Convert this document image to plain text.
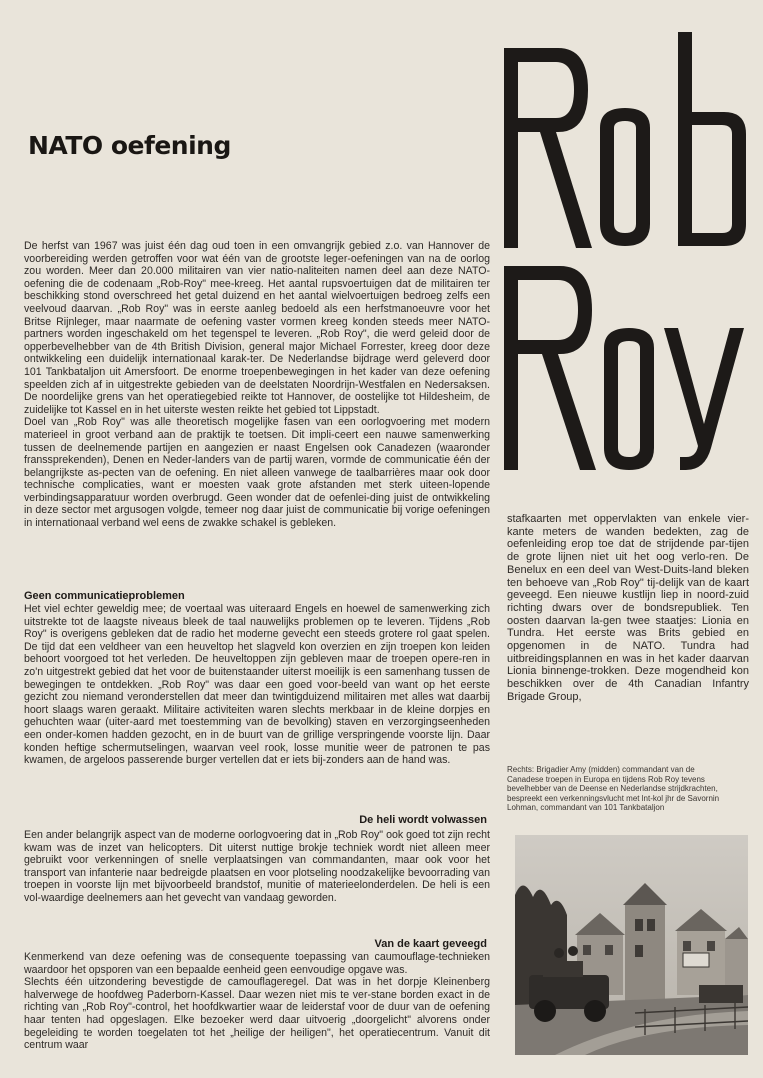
NATO oefening

De herfst van 1967 was juist één dag oud toen in een omvangrijk gebied z.o. van Hannover de voorbereiding werden getroffen voor wat één van de grootste leger-oefeningen van na de oorlog zou worden. Meer dan 20.000 militairen van vier natio-naliteiten namen deel aan deze NATO-oefening die de codenaam „Rob-Roy" mee-kreeg. Het aantal rupsvoertuigen dat de militairen ter beschikking stond overschreed het getal duizend en het aantal wielvoertuigen bedroeg zelfs een veelvoud daarvan. „Rob Roy" was in eerste aanleg bedoeld als een herfstmanoeuvre voor het Britse Rijnleger, maar naarmate de oefening vaster vormen kreeg konden steeds meer NATO-partners worden ingeschakeld om het tegenspel te leveren. „Rob Roy", die werd geleid door de opperbevelhebber van de 4th British Division, general major Michael Forrester, kreeg door deze ontwikkeling een duidelijk internationaal karak-ter. De Nederlandse bijdrage werd geleverd door 101 Tankbataljon uit Amersfoort. De enorme troepenbewegingen in het kader van deze oefening speelden zich af in uitgestrekte gebieden van de deelstaten Noordrijn-Westfalen en Nedersaksen. De noordelijke grens van het operatiegebied reikte tot Hannover, de oostelijke tot Hildesheim, de zuidelijke tot Kassel en in het uiterste westen reikte het gebied tot Lippstadt.

Doel van „Rob Roy" was alle theoretisch mogelijke fasen van een oorlogvoering met modern materieel in groot verband aan de praktijk te toetsen. Dit impli-ceert een nauwe samenwerking tussen de deelnemende partijen en aangezien er naast Engelsen ook Canadezen (waaronder franssprekenden), Denen en Neder-landers van de partij waren, vormde de communicatie één der belangrijkste as-pecten van de oefening. En niet alleen vanwege de taalbarrières maar ook door technische complicaties, want er moesten vaak grote afstanden met sterk uiteen-lopende verbindingsapparatuur worden overbrugd. Geen wonder dat de oefenlei-ding juist de ontwikkeling in deze sector met argusogen volgde, temeer nog daar juist de communicatie bij vorige oefeningen in internationaal verband wel eens de zwakke schakel is gebleken.

Geen communicatieproblemen

Het viel echter geweldig mee; de voertaal was uiteraard Engels en hoewel de samenwerking zich uitstrekte tot de laagste niveaus bleek de taal nauwelijks problemen op te leveren. Tijdens „Rob Roy" is overigens gebleken dat de radio het moderne gevecht een steeds grotere rol gaat spelen. De tijd dat een veldheer van een heuveltop het slagveld kon overzien en zijn troepen kon leiden behoort voorgoed tot het verleden. De heuveltoppen zijn gebleven maar de troepen opere-ren in zo'n uitgestrekt gebied dat het voor de buitenstaander uiterst moeilijk is een samenhang tussen de bewegingen te ontdekken. „Rob Roy" was daar een goed voor-beeld van want op het eerste gezicht zou niemand veronderstellen dat meer dan twintigduizend militairen met alles wat daarbij hoort slaags waren geraakt. Militaire activiteiten waren slechts merkbaar in de kleine dorpjes en gehuchten waar (uiter-aard met toestemming van de bevolking) staven en verzorgingseenheden een onder-komen hadden gezocht, en in de buurt van de grillige verspringende voorste lijn. Daar konden heftige schermutselingen, waarvan veel rook, losse munitie weer de patronen te pas kwamen, de argeloos passerende burger vertellen dat er iets bij-zonders aan de hand was.

De heli wordt volwassen

Een ander belangrijk aspect van de moderne oorlogvoering dat in „Rob Roy" ook goed tot zijn recht kwam was de inzet van helicopters. Dit uiterst nuttige brokje techniek wordt niet alleen meer gebruikt voor verkenningen of snelle verplaatsingen van commandanten, maar ook voor het transport van infanterie naar bedreigde plaatsen en voor plotseling noodzakelijke bevoorrading van troepen in voorste lijn met bijvoorbeeld brandstof, munitie of materieelonderdelen. De heli is een vol-waardige deelnemers aan het gevecht van vandaag geworden.

Van de kaart geveegd

Kenmerkend van deze oefening was de consequente toepassing van caumouflage-technieken waardoor het opsporen van een bepaalde eenheid geen eenvoudige opgave was.

Slechts één uitzondering bevestigde de camouflageregel. Dat was in het dorpje Kleinenberg halverwege de hoofdweg Paderborn-Kassel. Daar wezen niet mis te ver-stane borden exact in de richting van „Rob Roy"-control, het hoofdkwartier waar de leiderstaf voor de duur van de oefening haar tenten had opgeslagen. Elke bezoeker werd daar uitvoerig „doorgelicht" alvorens onder begeleiding te worden toegelaten tot het „heilige der heiligen", het operatiecentrum. Vanuit dit centrum waar

stafkaarten met oppervlakten van enkele vier-kante meters de wanden bedekten, zag de oefenleiding erop toe dat de strijdende par-tijen de grote lijnen niet uit het oog verlo-ren. De Benelux en een deel van West-Duits-land bleken ten behoeve van „Rob Roy" tij-delijk van de kaart geveegd. Een nieuwe kustlijn liep in noord-zuid richting dwars over de bondsrepubliek. Ten oosten daarvan la-gen twee staatjes: Lionia en Tundra. Het eerste was Brits gebied en opgenomen in de NATO. Tundra had uitbreidingsplannen en was in het kader daarvan Lionia binnenge-trokken. Deze mogendheid kon beschikken over de 4th Canadian Infantry Brigade Group,

Rechts: Brigadier Amy (midden) commandant van de Canadese troepen in Europa en tijdens Rob Roy tevens bevelhebber van de Deense en Nederlandse strijdkrachten, bespreekt een verkenningsvlucht met lnt-kol jhr de Savornin Lohman, commandant van 101 Tankbataljon
